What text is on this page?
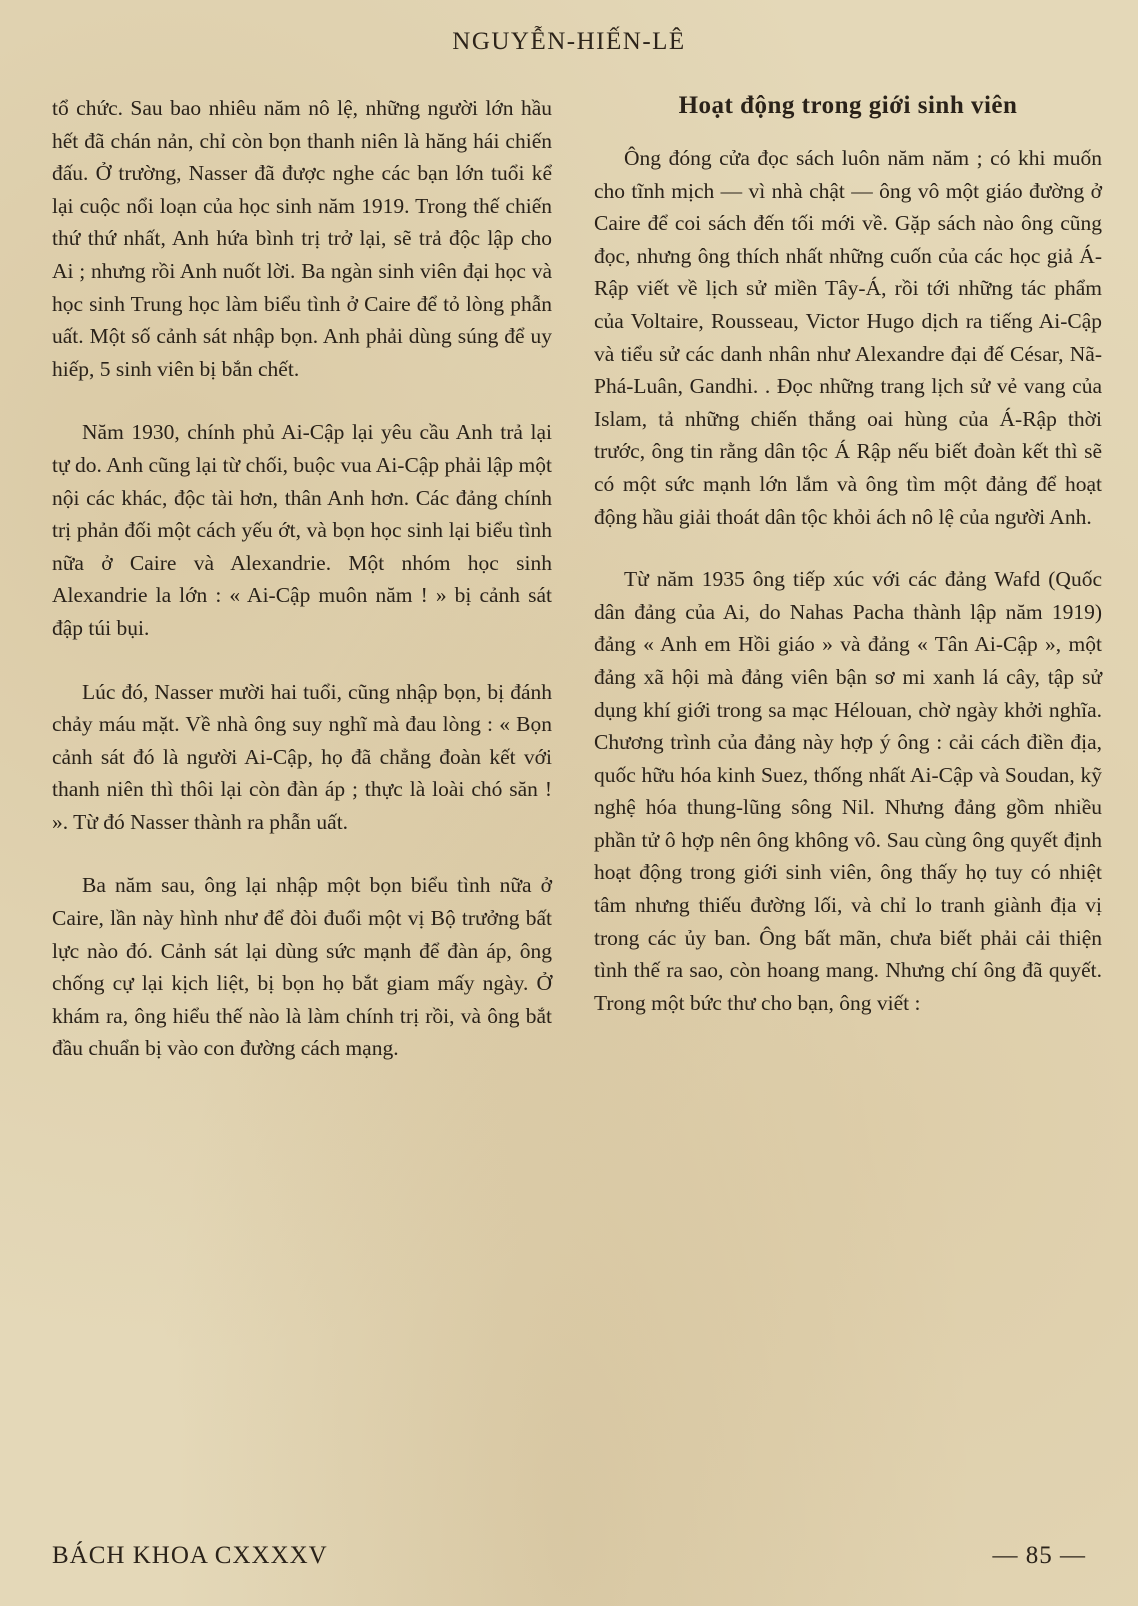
NGUYỄN-HIẾN-LÊ

tổ chức. Sau bao nhiêu năm nô lệ, những người lớn hầu hết đã chán nản, chỉ còn bọn thanh niên là hăng hái chiến đấu. Ở trường, Nasser đã được nghe các bạn lớn tuổi kể lại cuộc nổi loạn của học sinh năm 1919. Trong thế chiến thứ thứ nhất, Anh hứa bình trị trở lại, sẽ trả độc lập cho Ai ; nhưng rồi Anh nuốt lời. Ba ngàn sinh viên đại học và học sinh Trung học làm biểu tình ở Caire để tỏ lòng phẫn uất. Một số cảnh sát nhập bọn. Anh phải dùng súng để uy hiếp, 5 sinh viên bị bắn chết.

Năm 1930, chính phủ Ai-Cập lại yêu cầu Anh trả lại tự do. Anh cũng lại từ chối, buộc vua Ai-Cập phải lập một nội các khác, độc tài hơn, thân Anh hơn. Các đảng chính trị phản đối một cách yếu ớt, và bọn học sinh lại biểu tình nữa ở Caire và Alexandrie. Một nhóm học sinh Alexandrie la lớn : « Ai-Cập muôn năm ! » bị cảnh sát đập túi bụi.

Lúc đó, Nasser mười hai tuổi, cũng nhập bọn, bị đánh chảy máu mặt. Về nhà ông suy nghĩ mà đau lòng : « Bọn cảnh sát đó là người Ai-Cập, họ đã chẳng đoàn kết với thanh niên thì thôi lại còn đàn áp ; thực là loài chó săn ! ». Từ đó Nasser thành ra phẫn uất.

Ba năm sau, ông lại nhập một bọn biểu tình nữa ở Caire, lần này hình như để đòi đuổi một vị Bộ trưởng bất lực nào đó. Cảnh sát lại dùng sức mạnh để đàn áp, ông chống cự lại kịch liệt, bị bọn họ bắt giam mấy ngày. Ở khám ra, ông hiểu thế nào là làm chính trị rồi, và ông bắt đầu chuẩn bị vào con đường cách mạng.

Hoạt động trong giới sinh viên

Ông đóng cửa đọc sách luôn năm năm ; có khi muốn cho tĩnh mịch — vì nhà chật — ông vô một giáo đường ở Caire để coi sách đến tối mới về. Gặp sách nào ông cũng đọc, nhưng ông thích nhất những cuốn của các học giả Á-Rập viết về lịch sử miền Tây-Á, rồi tới những tác phẩm của Voltaire, Rousseau, Victor Hugo dịch ra tiếng Ai-Cập và tiểu sử các danh nhân như Alexandre đại đế César, Nã-Phá-Luân, Gandhi. . Đọc những trang lịch sử vẻ vang của Islam, tả những chiến thắng oai hùng của Á-Rập thời trước, ông tin rằng dân tộc Á Rập nếu biết đoàn kết thì sẽ có một sức mạnh lớn lắm và ông tìm một đảng để hoạt động hầu giải thoát dân tộc khỏi ách nô lệ của người Anh.

Từ năm 1935 ông tiếp xúc với các đảng Wafd (Quốc dân đảng của Ai, do Nahas Pacha thành lập năm 1919) đảng « Anh em Hồi giáo » và đảng « Tân Ai-Cập », một đảng xã hội mà đảng viên bận sơ mi xanh lá cây, tập sử dụng khí giới trong sa mạc Hélouan, chờ ngày khởi nghĩa. Chương trình của đảng này hợp ý ông : cải cách điền địa, quốc hữu hóa kinh Suez, thống nhất Ai-Cập và Soudan, kỹ nghệ hóa thung-lũng sông Nil. Nhưng đảng gồm nhiều phần tử ô hợp nên ông không vô. Sau cùng ông quyết định hoạt động trong giới sinh viên, ông thấy họ tuy có nhiệt tâm nhưng thiếu đường lối, và chỉ lo tranh giành địa vị trong các ủy ban. Ông bất mãn, chưa biết phải cải thiện tình thế ra sao, còn hoang mang. Nhưng chí ông đã quyết. Trong một bức thư cho bạn, ông viết :

BÁCH KHOA CXXXXV	— 85 —
